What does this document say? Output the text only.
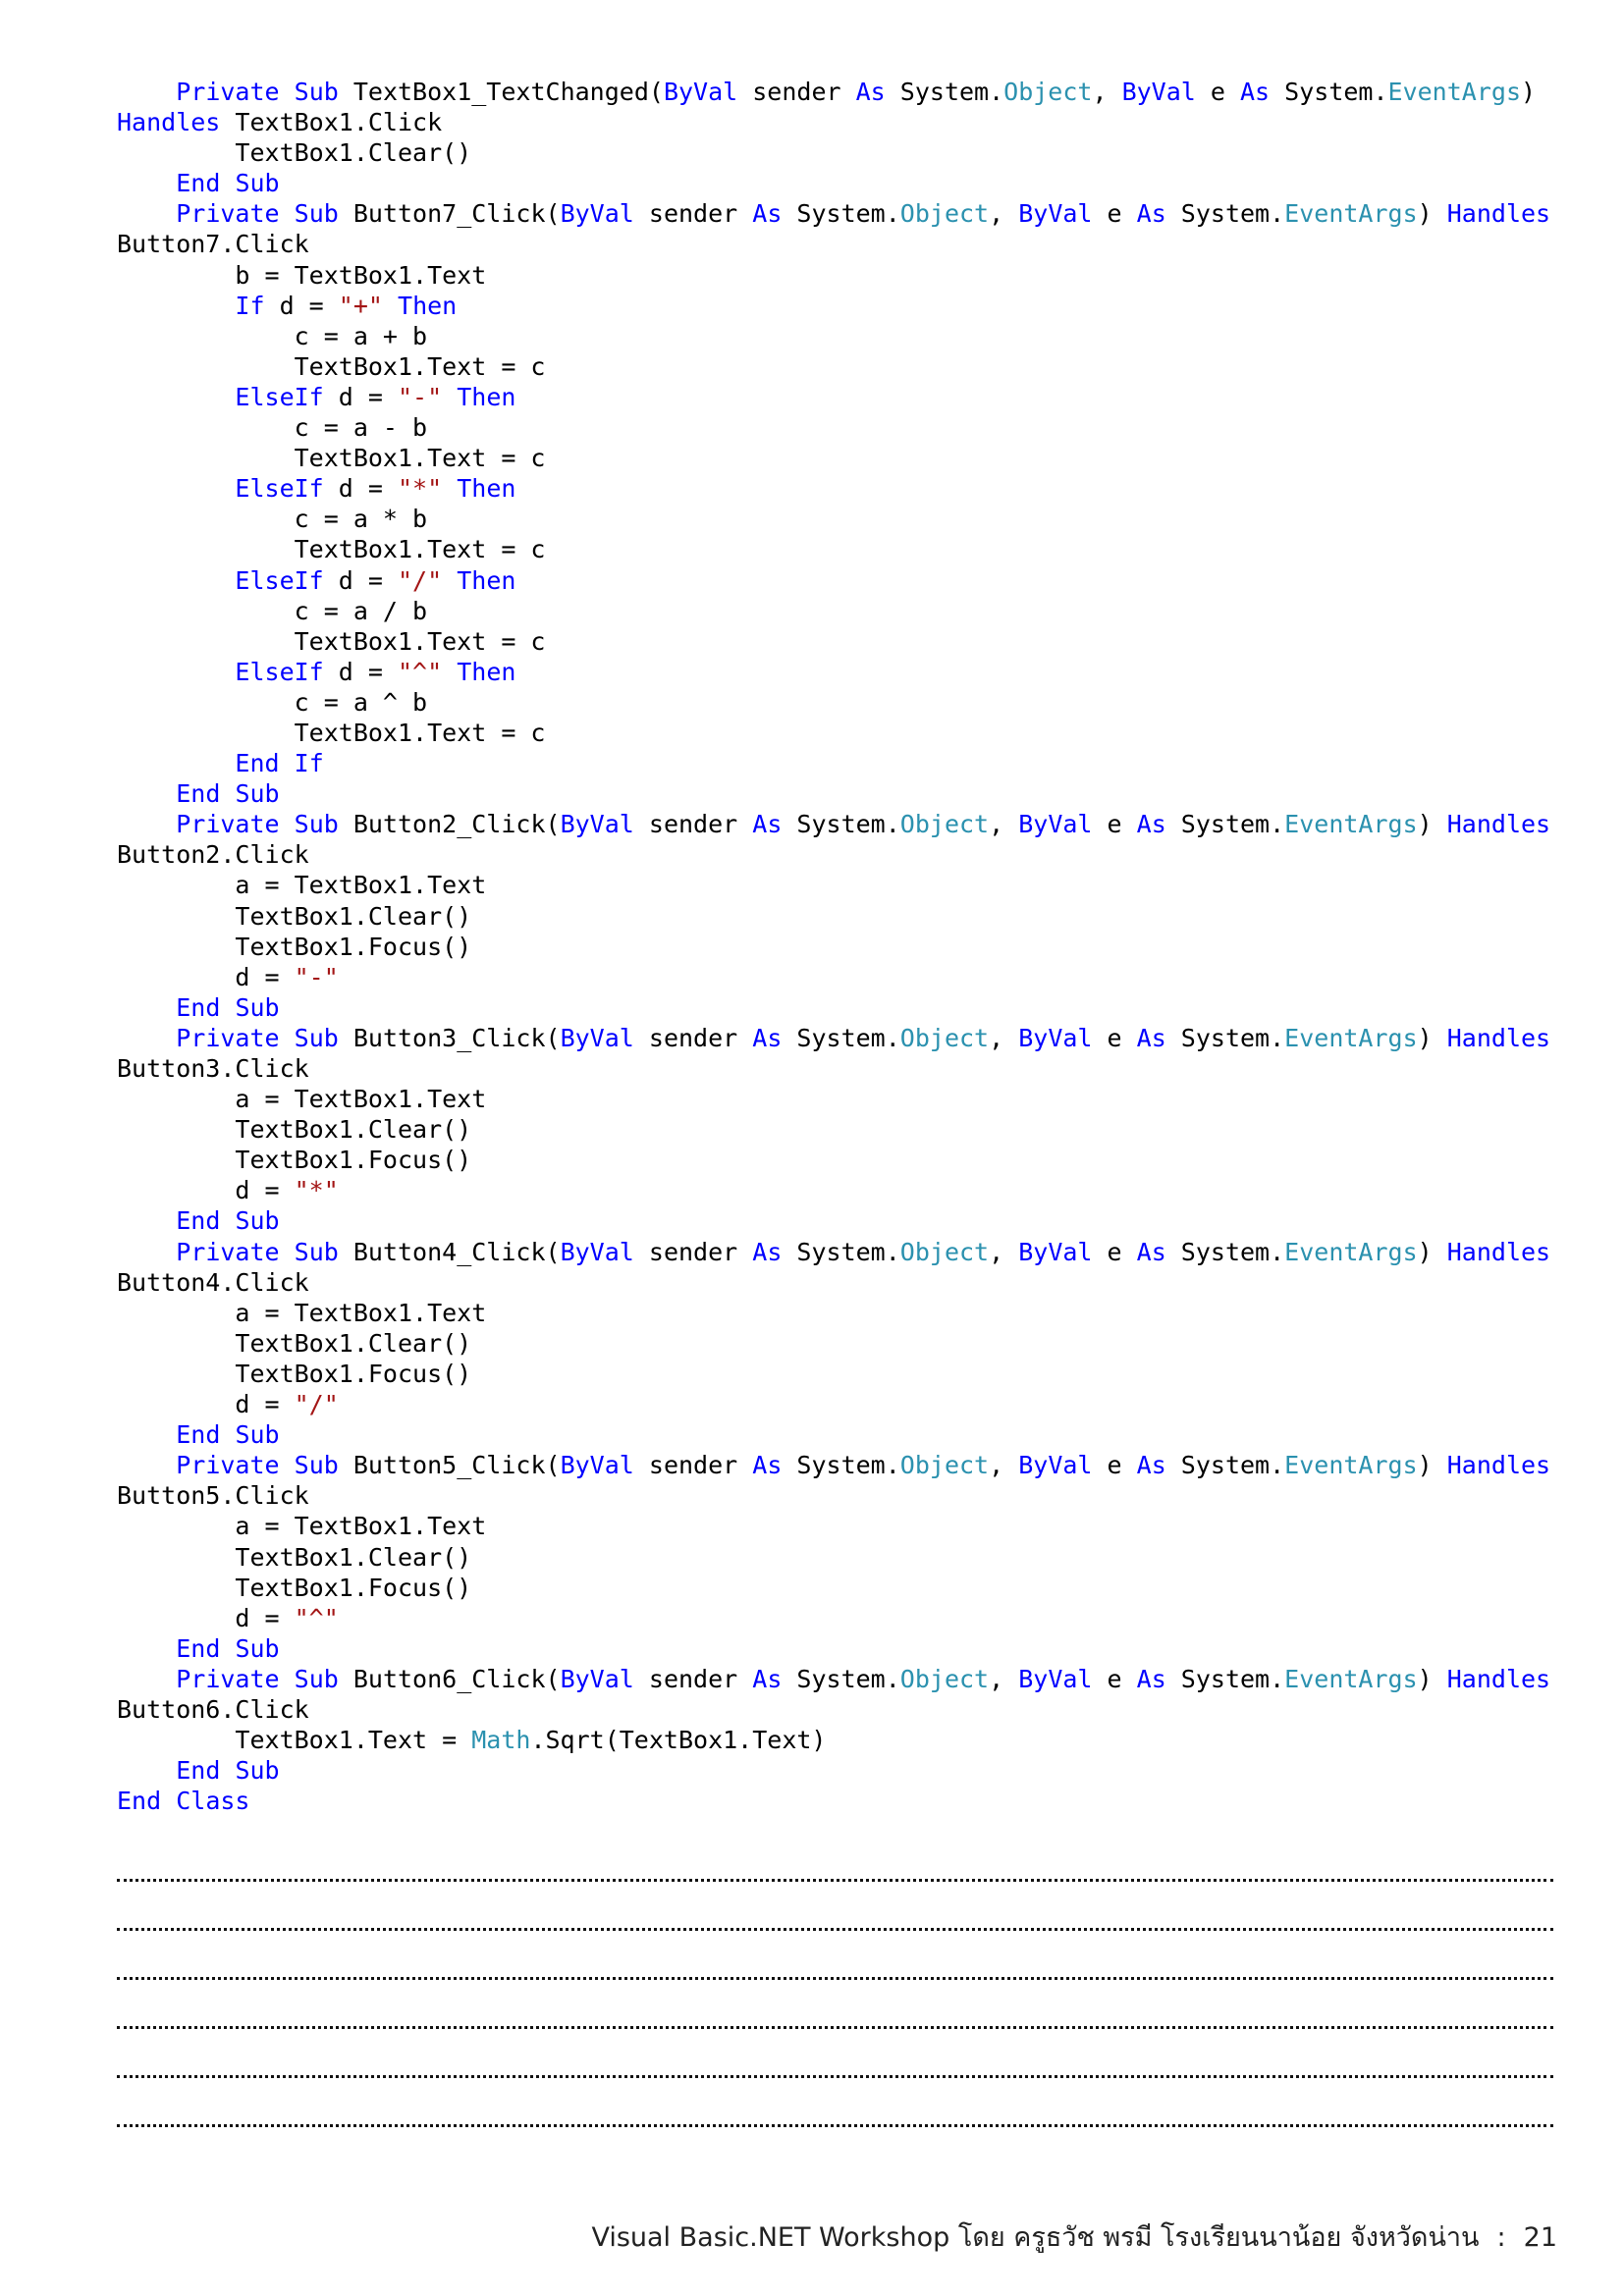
Private Sub TextBox1_TextChanged(ByVal sender As System.Object, ByVal e As System.EventArgs)
Handles TextBox1.Click
TextBox1.Clear()
End Sub
Private Sub Button7_Click(ByVal sender As System.Object, ByVal e As System.EventArgs) Handles
Button7.Click
b = TextBox1.Text
If d = "+" Then
c = a + b
TextBox1.Text = c
ElseIf d = "-" Then
c = a - b
TextBox1.Text = c
ElseIf d = "*" Then
c = a * b
TextBox1.Text = c
ElseIf d = "/" Then
c = a / b
TextBox1.Text = c
ElseIf d = "^" Then
c = a ^ b
TextBox1.Text = c
End If
End Sub
Private Sub Button2_Click(ByVal sender As System.Object, ByVal e As System.EventArgs) Handles
Button2.Click
a = TextBox1.Text
TextBox1.Clear()
TextBox1.Focus()
d = "-"
End Sub
Private Sub Button3_Click(ByVal sender As System.Object, ByVal e As System.EventArgs) Handles
Button3.Click
a = TextBox1.Text
TextBox1.Clear()
TextBox1.Focus()
d = "*"
End Sub
Private Sub Button4_Click(ByVal sender As System.Object, ByVal e As System.EventArgs) Handles
Button4.Click
a = TextBox1.Text
TextBox1.Clear()
TextBox1.Focus()
d = "/"
End Sub
Private Sub Button5_Click(ByVal sender As System.Object, ByVal e As System.EventArgs) Handles
Button5.Click
a = TextBox1.Text
TextBox1.Clear()
TextBox1.Focus()
d = "^"
End Sub
Private Sub Button6_Click(ByVal sender As System.Object, ByVal e As System.EventArgs) Handles
Button6.Click
TextBox1.Text = Math.Sqrt(TextBox1.Text)
End Sub
End Class
Visual Basic.NET Workshop โดย ครูธวัช พรมี โรงเรียนนาน้อย จังหวัดน่าน : 21
